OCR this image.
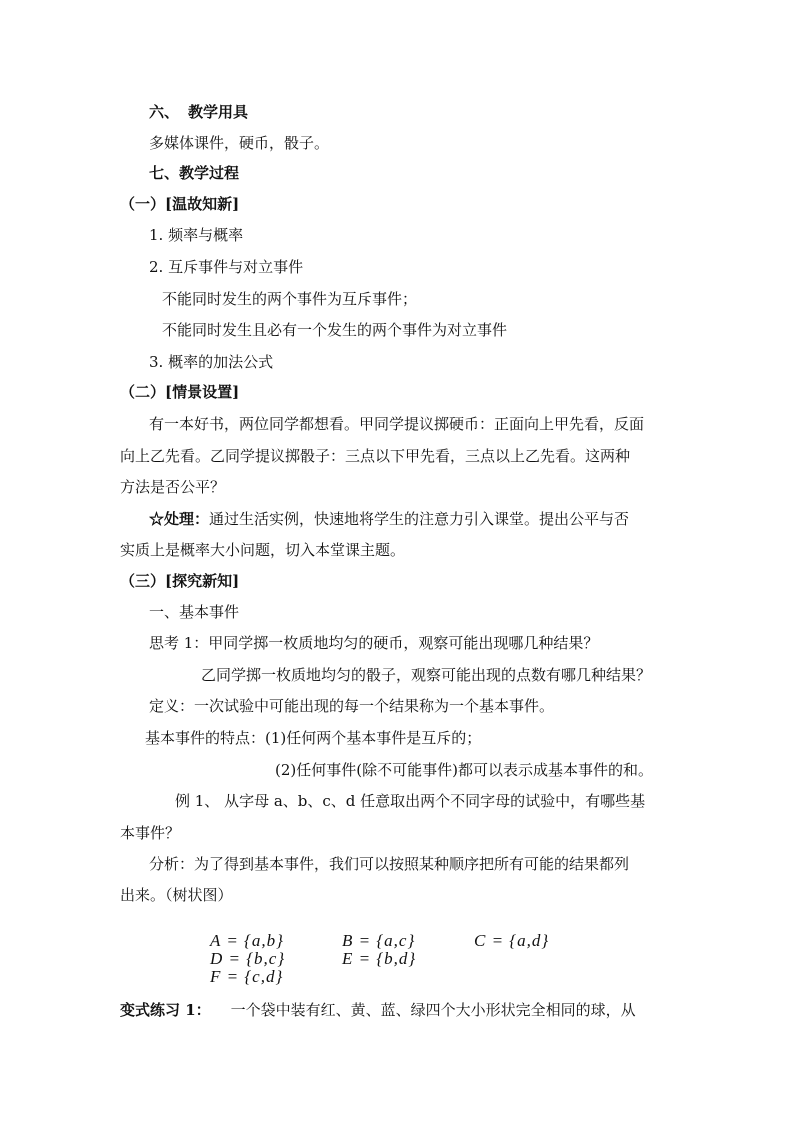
六、 教学用具
多媒体课件，硬币，骰子。
七、教学过程
（一）[温故知新]
1. 频率与概率
2. 互斥事件与对立事件
不能同时发生的两个事件为互斥事件；
不能同时发生且必有一个发生的两个事件为对立事件
3. 概率的加法公式
（二）[情景设置]
有一本好书，两位同学都想看。甲同学提议掷硬币：正面向上甲先看，反面
向上乙先看。乙同学提议掷骰子：三点以下甲先看，三点以上乙先看。这两种
方法是否公平？
☆处理：通过生活实例，快速地将学生的注意力引入课堂。提出公平与否
实质上是概率大小问题，切入本堂课主题。
（三）[探究新知]
一、基本事件
思考 1：甲同学掷一枚质地均匀的硬币，观察可能出现哪几种结果？
乙同学掷一枚质地均匀的骰子，观察可能出现的点数有哪几种结果？
定义：一次试验中可能出现的每一个结果称为一个基本事件。
基本事件的特点：(1)任何两个基本事件是互斥的；
(2)任何事件(除不可能事件)都可以表示成基本事件的和。
例 1、 从字母 a、b、c、d 任意取出两个不同字母的试验中，有哪些基
本事件？
分析：为了得到基本事件，我们可以按照某种顺序把所有可能的结果都列
出来。（树状图）
A = {a,b}	B = {a,c}	C = {a,d}
D = {b,c}	E = {b,d}
F = {c,d}
变式练习 1： 一个袋中装有红、黄、蓝、绿四个大小形状完全相同的球，从
